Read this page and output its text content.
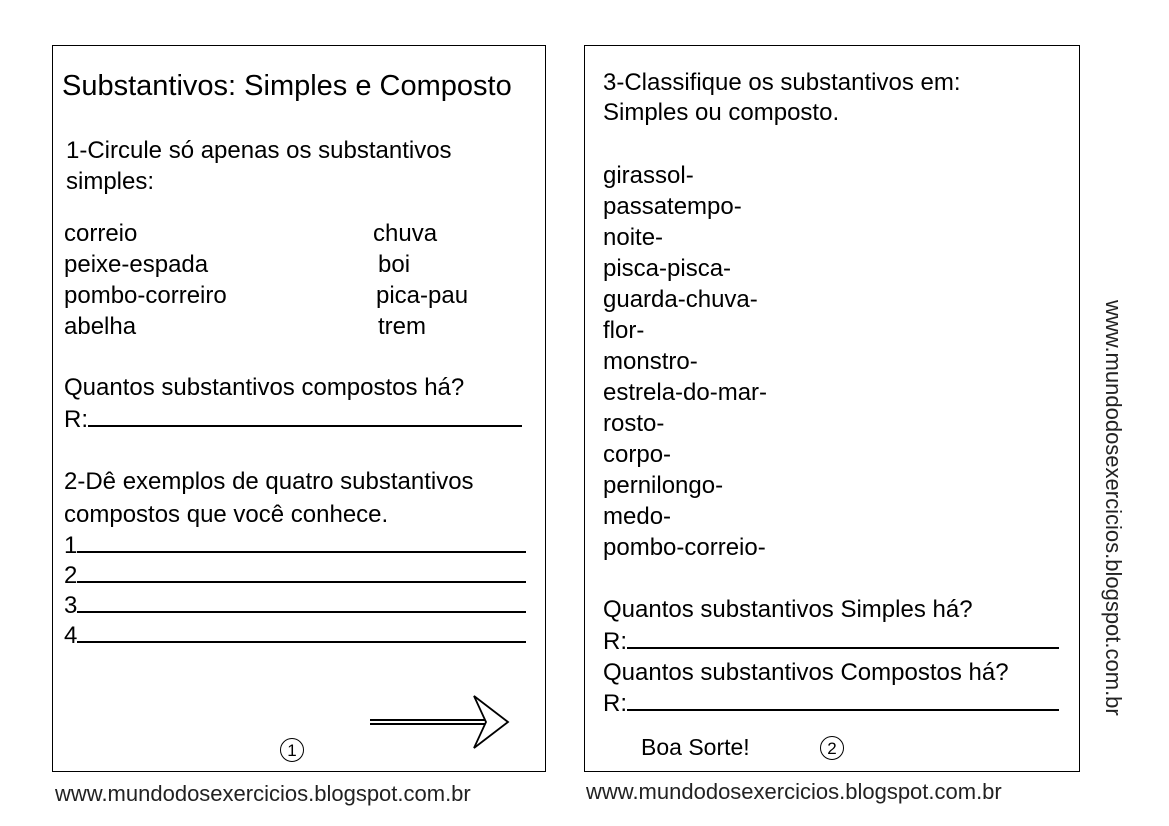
Substantivos: Simples e Composto
1-Circule só apenas os substantivos
simples:
correio
peixe-espada
pombo-correiro
abelha
chuva
boi
pica-pau
trem
Quantos substantivos compostos há?
R:
2-Dê exemplos de quatro substantivos
compostos que você conhece.
1
2
3
4
1
3-Classifique os substantivos em:
Simples ou composto.
girassol-
passatempo-
noite-
pisca-pisca-
guarda-chuva-
flor-
monstro-
estrela-do-mar-
rosto-
corpo-
pernilongo-
medo-
pombo-correio-
Quantos substantivos Simples há?
R:
Quantos substantivos Compostos há?
R:
Boa Sorte!	2
www.mundodosexercicios.blogspot.com.br	www.mundodosexercicios.blogspot.com.br
www.mundodosexercicios.blogspot.com.br
